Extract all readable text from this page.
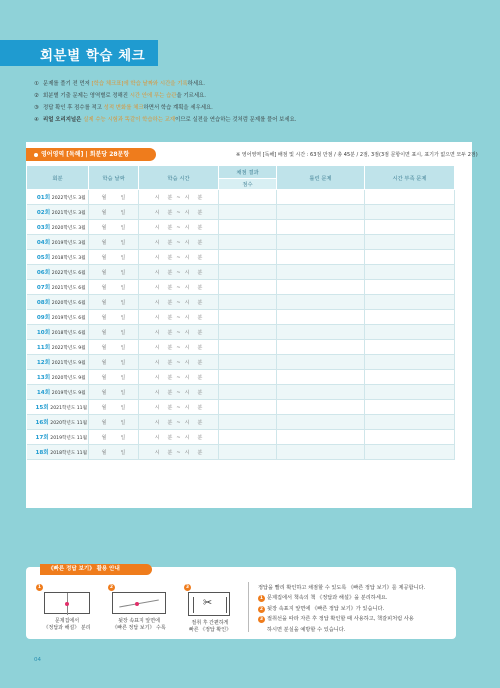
회분별 학습 체크
① 문제를 풀기 전 먼저 [학습 체크표]에 학습 날짜와 시간을 기록하세요.
② 회분별 기출 문제는 영역별로 정해진 시간 안에 푸는 습관을 기르세요.
③ 정답 확인 후 점수를 적고 성적 변화를 체크하면서 학습 계획을 세우세요.
④ 리얼 오리지널은 실제 수능 시험과 똑같이 학습하는 교재이므로 실전을 연습하는 것처럼 문제를 풀어 보세요.
영어영역 [독해] | 회분당 28문항	※ 영어영역 [독해] 배점 및 시간 : 63점 만점 / 총 45분 / 2점, 3점(3점 문항이면 표시, 표기가 없으면 모두 2점)
회분	학습 날짜	학습 시간	채점 결과	틀린 문제	시간 부족 문제
			점수		
01회 2022학년도 3월	월 일	시 분 ~ 시 분			
02회 2021학년도 3월	월 일	시 분 ~ 시 분			
03회 2020학년도 3월	월 일	시 분 ~ 시 분			
04회 2019학년도 3월	월 일	시 분 ~ 시 분			
05회 2018학년도 3월	월 일	시 분 ~ 시 분			
06회 2022학년도 6월	월 일	시 분 ~ 시 분			
07회 2021학년도 6월	월 일	시 분 ~ 시 분			
08회 2020학년도 6월	월 일	시 분 ~ 시 분			
09회 2019학년도 6월	월 일	시 분 ~ 시 분			
10회 2018학년도 6월	월 일	시 분 ~ 시 분			
11회 2022학년도 9월	월 일	시 분 ~ 시 분			
12회 2021학년도 9월	월 일	시 분 ~ 시 분			
13회 2020학년도 9월	월 일	시 분 ~ 시 분			
14회 2019학년도 9월	월 일	시 분 ~ 시 분			
15회 2021학년도 11월	월 일	시 분 ~ 시 분			
16회 2020학년도 11월	월 일	시 분 ~ 시 분			
17회 2019학년도 11월	월 일	시 분 ~ 시 분			
18회 2018학년도 11월	월 일	시 분 ~ 시 분			
《빠른 정답 보기》 활용 안내
1
문제집에서
《정답과 해설》 분리
2
뒷장 속표지 앞면에
《빠른 정답 보기》 수록
3
✂
절취 후 간편하게
빠른 《정답 확인》
정답을 빨리 확인하고 채점할 수 있도록 《빠른 정답 보기》를 제공합니다.
1 문제집에서 책속의 책 《정답과 해설》을 분리하세요.
2 뒷장 속표지 앞면에 《빠른 정답 보기》가 있습니다.
3 절취선을 따라 자른 후 정답 확인할 때 사용하고, 책갈피처럼 사용
하시면 분실을 예방할 수 있습니다.
04
